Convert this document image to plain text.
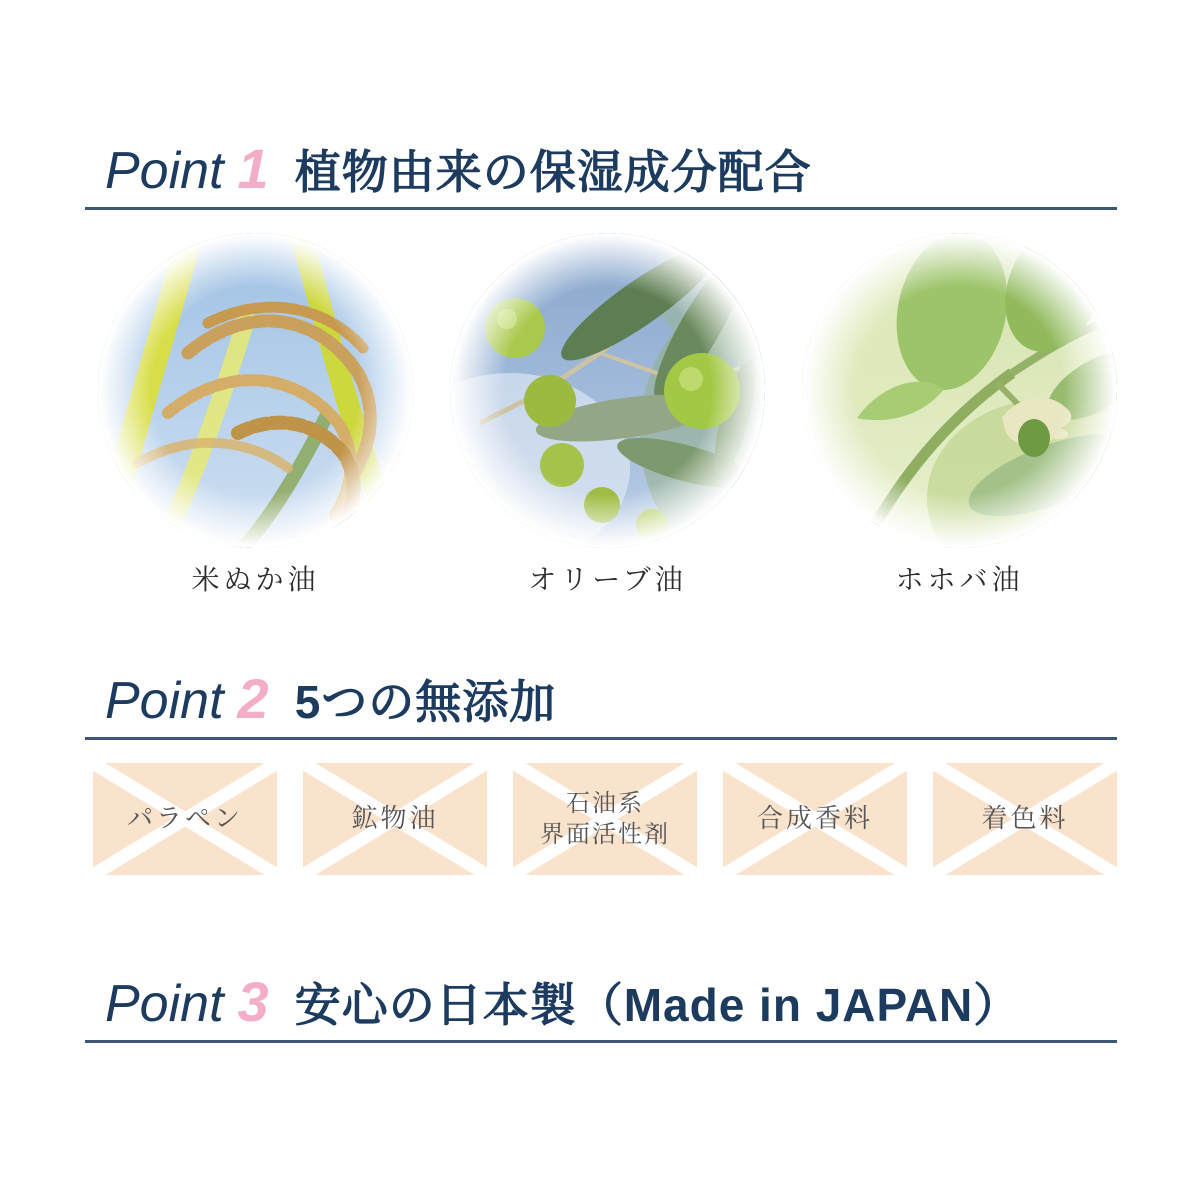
Point 1 植物由来の保湿成分配合
米ぬか油	オリーブ油	ホホバ油
Point 2 5つの無添加
パラペン	鉱物油	石油系
界面活性剤
合成香料	着色料
Point 3 安心の日本製（Made in JAPAN）
